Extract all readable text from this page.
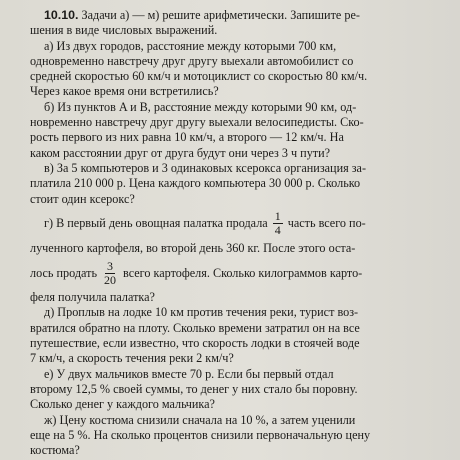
10.10. Задачи а) — м) решите арифметически. Запишите ре-
шения в виде числовых выражений.
а) Из двух городов, расстояние между которыми 700 км,
одновременно навстречу друг другу выехали автомобилист со
средней скоростью 60 км/ч и мотоциклист со скоростью 80 км/ч.
Через какое время они встретились?
б) Из пунктов A и B, расстояние между которыми 90 км, од-
новременно навстречу друг другу выехали велосипедисты. Ско-
рость первого из них равна 10 км/ч, а второго — 12 км/ч. На
каком расстоянии друг от друга будут они через 3 ч пути?
в) За 5 компьютеров и 3 одинаковых ксерокса организация за-
платила 210 000 р. Цена каждого компьютера 30 000 р. Сколько
стоит один ксерокс?
г) В первый день овощная палатка продала $\frac{1}{4}$ часть всего по-
лученного картофеля, во второй день 360 кг. После этого оста-
лось продать $\frac{3}{20}$ всего картофеля. Сколько килограммов карто-
феля получила палатка?
д) Проплыв на лодке 10 км против течения реки, турист воз-
вратился обратно на плоту. Сколько времени затратил он на все
путешествие, если известно, что скорость лодки в стоячей воде
7 км/ч, а скорость течения реки 2 км/ч?
е) У двух мальчиков вместе 70 р. Если бы первый отдал
второму 12,5 % своей суммы, то денег у них стало бы поровну.
Сколько денег у каждого мальчика?
ж) Цену костюма снизили сначала на 10 %, а затем уценили
еще на 5 %. На сколько процентов снизили первоначальную цену
костюма?
